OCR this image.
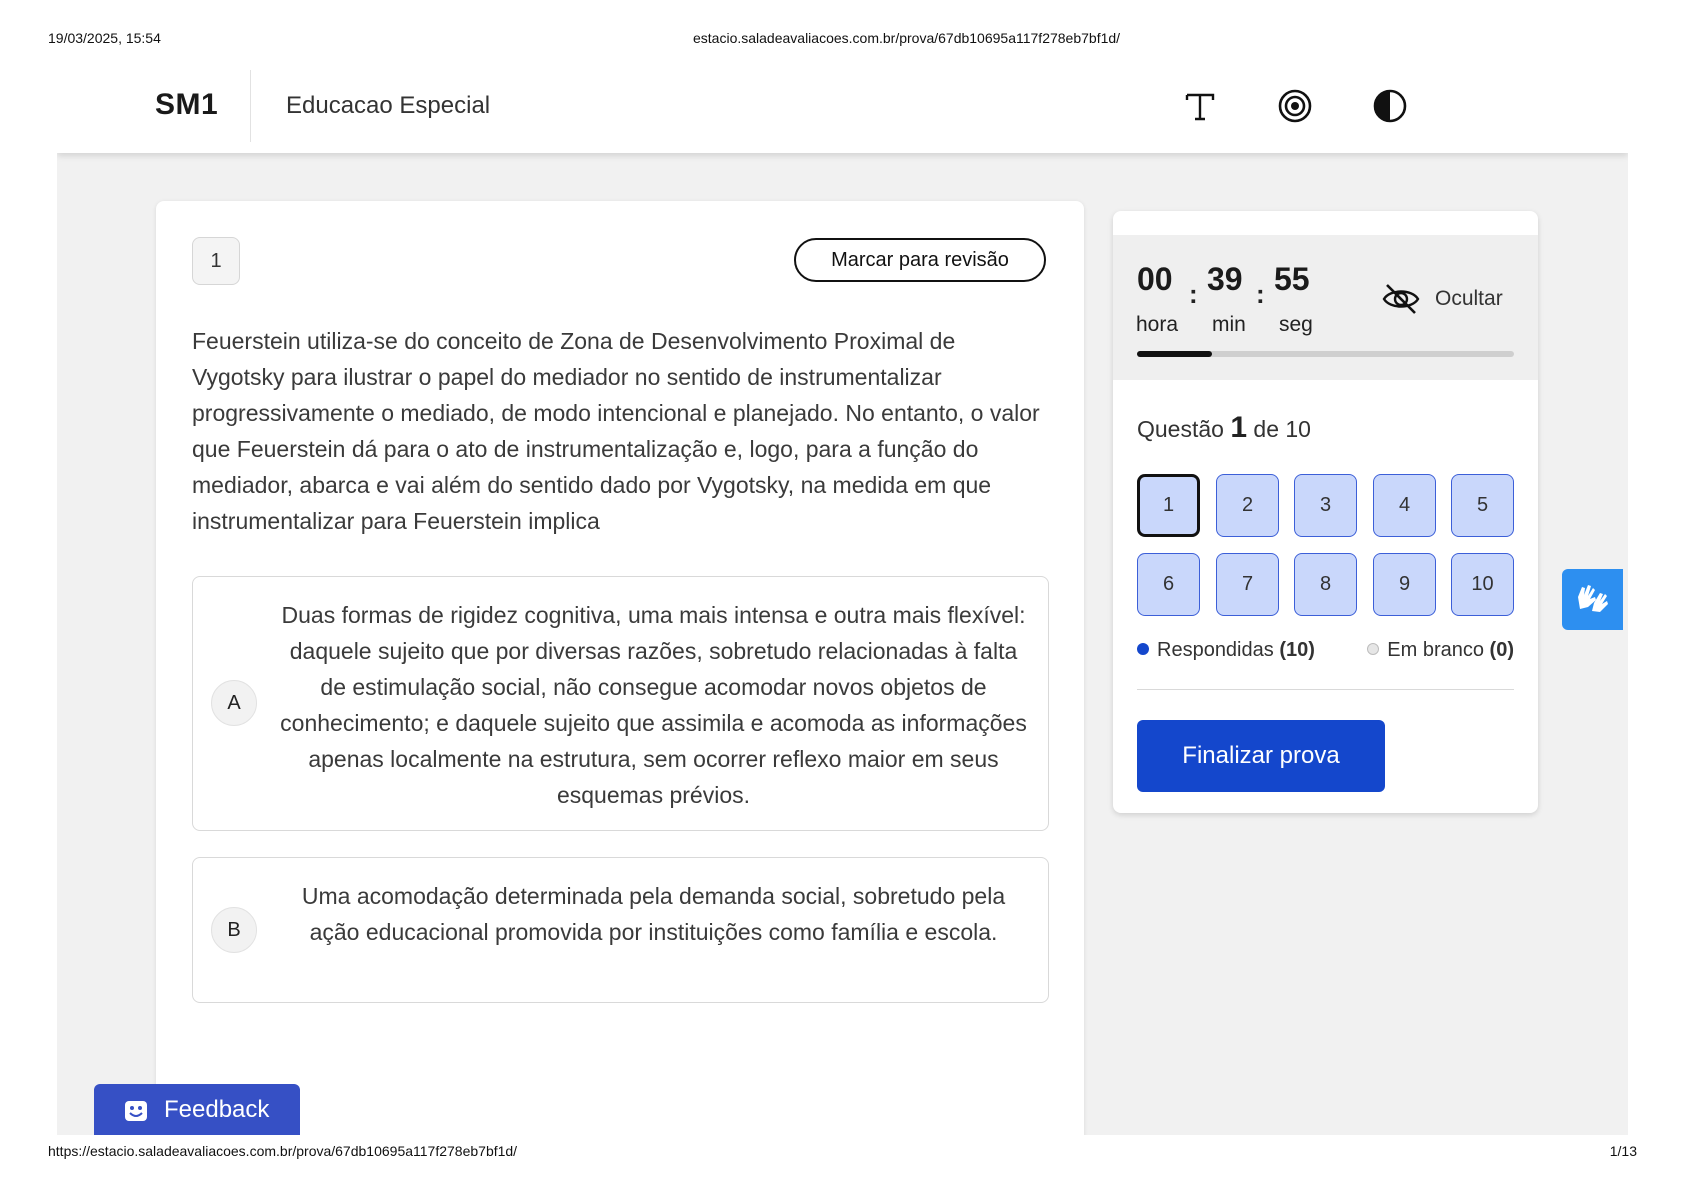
19/03/2025, 15:54	estacio.saladeavaliacoes.com.br/prova/67db10695a117f278eb7bf1d/
SM1	Educacao Especial
1	Marcar para revisão

Feuerstein utiliza-se do conceito de Zona de Desenvolvimento Proximal de Vygotsky para ilustrar o papel do mediador no sentido de instrumentalizar progressivamente o mediado, de modo intencional e planejado. No entanto, o valor que Feuerstein dá para o ato de instrumentalização e, logo, para a função do mediador, abarca e vai além do sentido dado por Vygotsky, na medida em que instrumentalizar para Feuerstein implica

A
Duas formas de rigidez cognitiva, uma mais intensa e outra mais flexível: daquele sujeito que por diversas razões, sobretudo relacionadas à falta de estimulação social, não consegue acomodar novos objetos de conhecimento; e daquele sujeito que assimila e acomoda as informações apenas localmente na estrutura, sem ocorrer reflexo maior em seus esquemas prévios.
B
Uma acomodação determinada pela demanda social, sobretudo pela ação educacional promovida por instituições como família e escola.
00 : 39 : 55
hora min seg
Ocultar
Questão 1 de 10
1	2	3	4	5
6	7	8	9	10
Respondidas (10)	Em branco (0)
Finalizar prova
Feedback
https://estacio.saladeavaliacoes.com.br/prova/67db10695a117f278eb7bf1d/	1/13
